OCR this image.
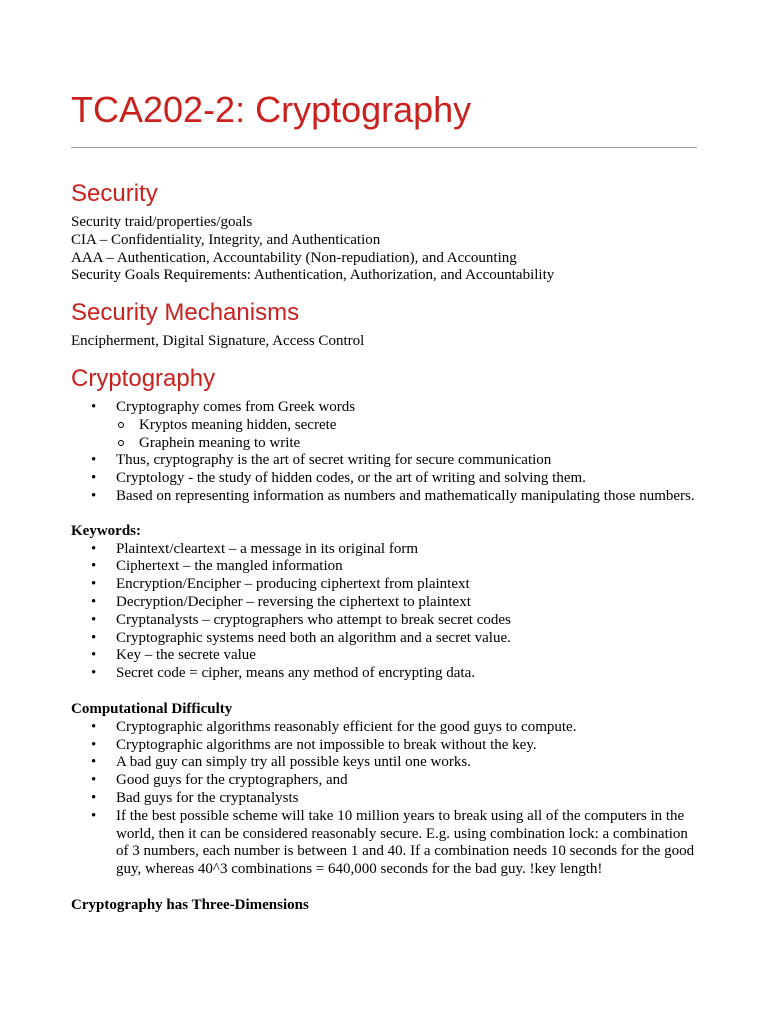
TCA202-2: Cryptography
Security
Security traid/properties/goals
CIA – Confidentiality, Integrity, and Authentication
AAA – Authentication, Accountability (Non-repudiation), and Accounting
Security Goals Requirements: Authentication, Authorization, and Accountability
Security Mechanisms
Encipherment, Digital Signature, Access Control
Cryptography
• Cryptography comes from Greek words
Kryptos meaning hidden, secrete
Graphein meaning to write
• Thus, cryptography is the art of secret writing for secure communication
• Cryptology - the study of hidden codes, or the art of writing and solving them.
• Based on representing information as numbers and mathematically manipulating those numbers.
Keywords:
• Plaintext/cleartext – a message in its original form
• Ciphertext – the mangled information
• Encryption/Encipher – producing ciphertext from plaintext
• Decryption/Decipher – reversing the ciphertext to plaintext
• Cryptanalysts – cryptographers who attempt to break secret codes
• Cryptographic systems need both an algorithm and a secret value.
• Key – the secrete value
• Secret code = cipher, means any method of encrypting data.
Computational Difficulty
• Cryptographic algorithms reasonably efficient for the good guys to compute.
• Cryptographic algorithms are not impossible to break without the key.
• A bad guy can simply try all possible keys until one works.
• Good guys for the cryptographers, and
• Bad guys for the cryptanalysts
• If the best possible scheme will take 10 million years to break using all of the computers in the world, then it can be considered reasonably secure. E.g. using combination lock: a combination of 3 numbers, each number is between 1 and 40. If a combination needs 10 seconds for the good guy, whereas 40^3 combinations = 640,000 seconds for the bad guy. !key length!
Cryptography has Three-Dimensions
